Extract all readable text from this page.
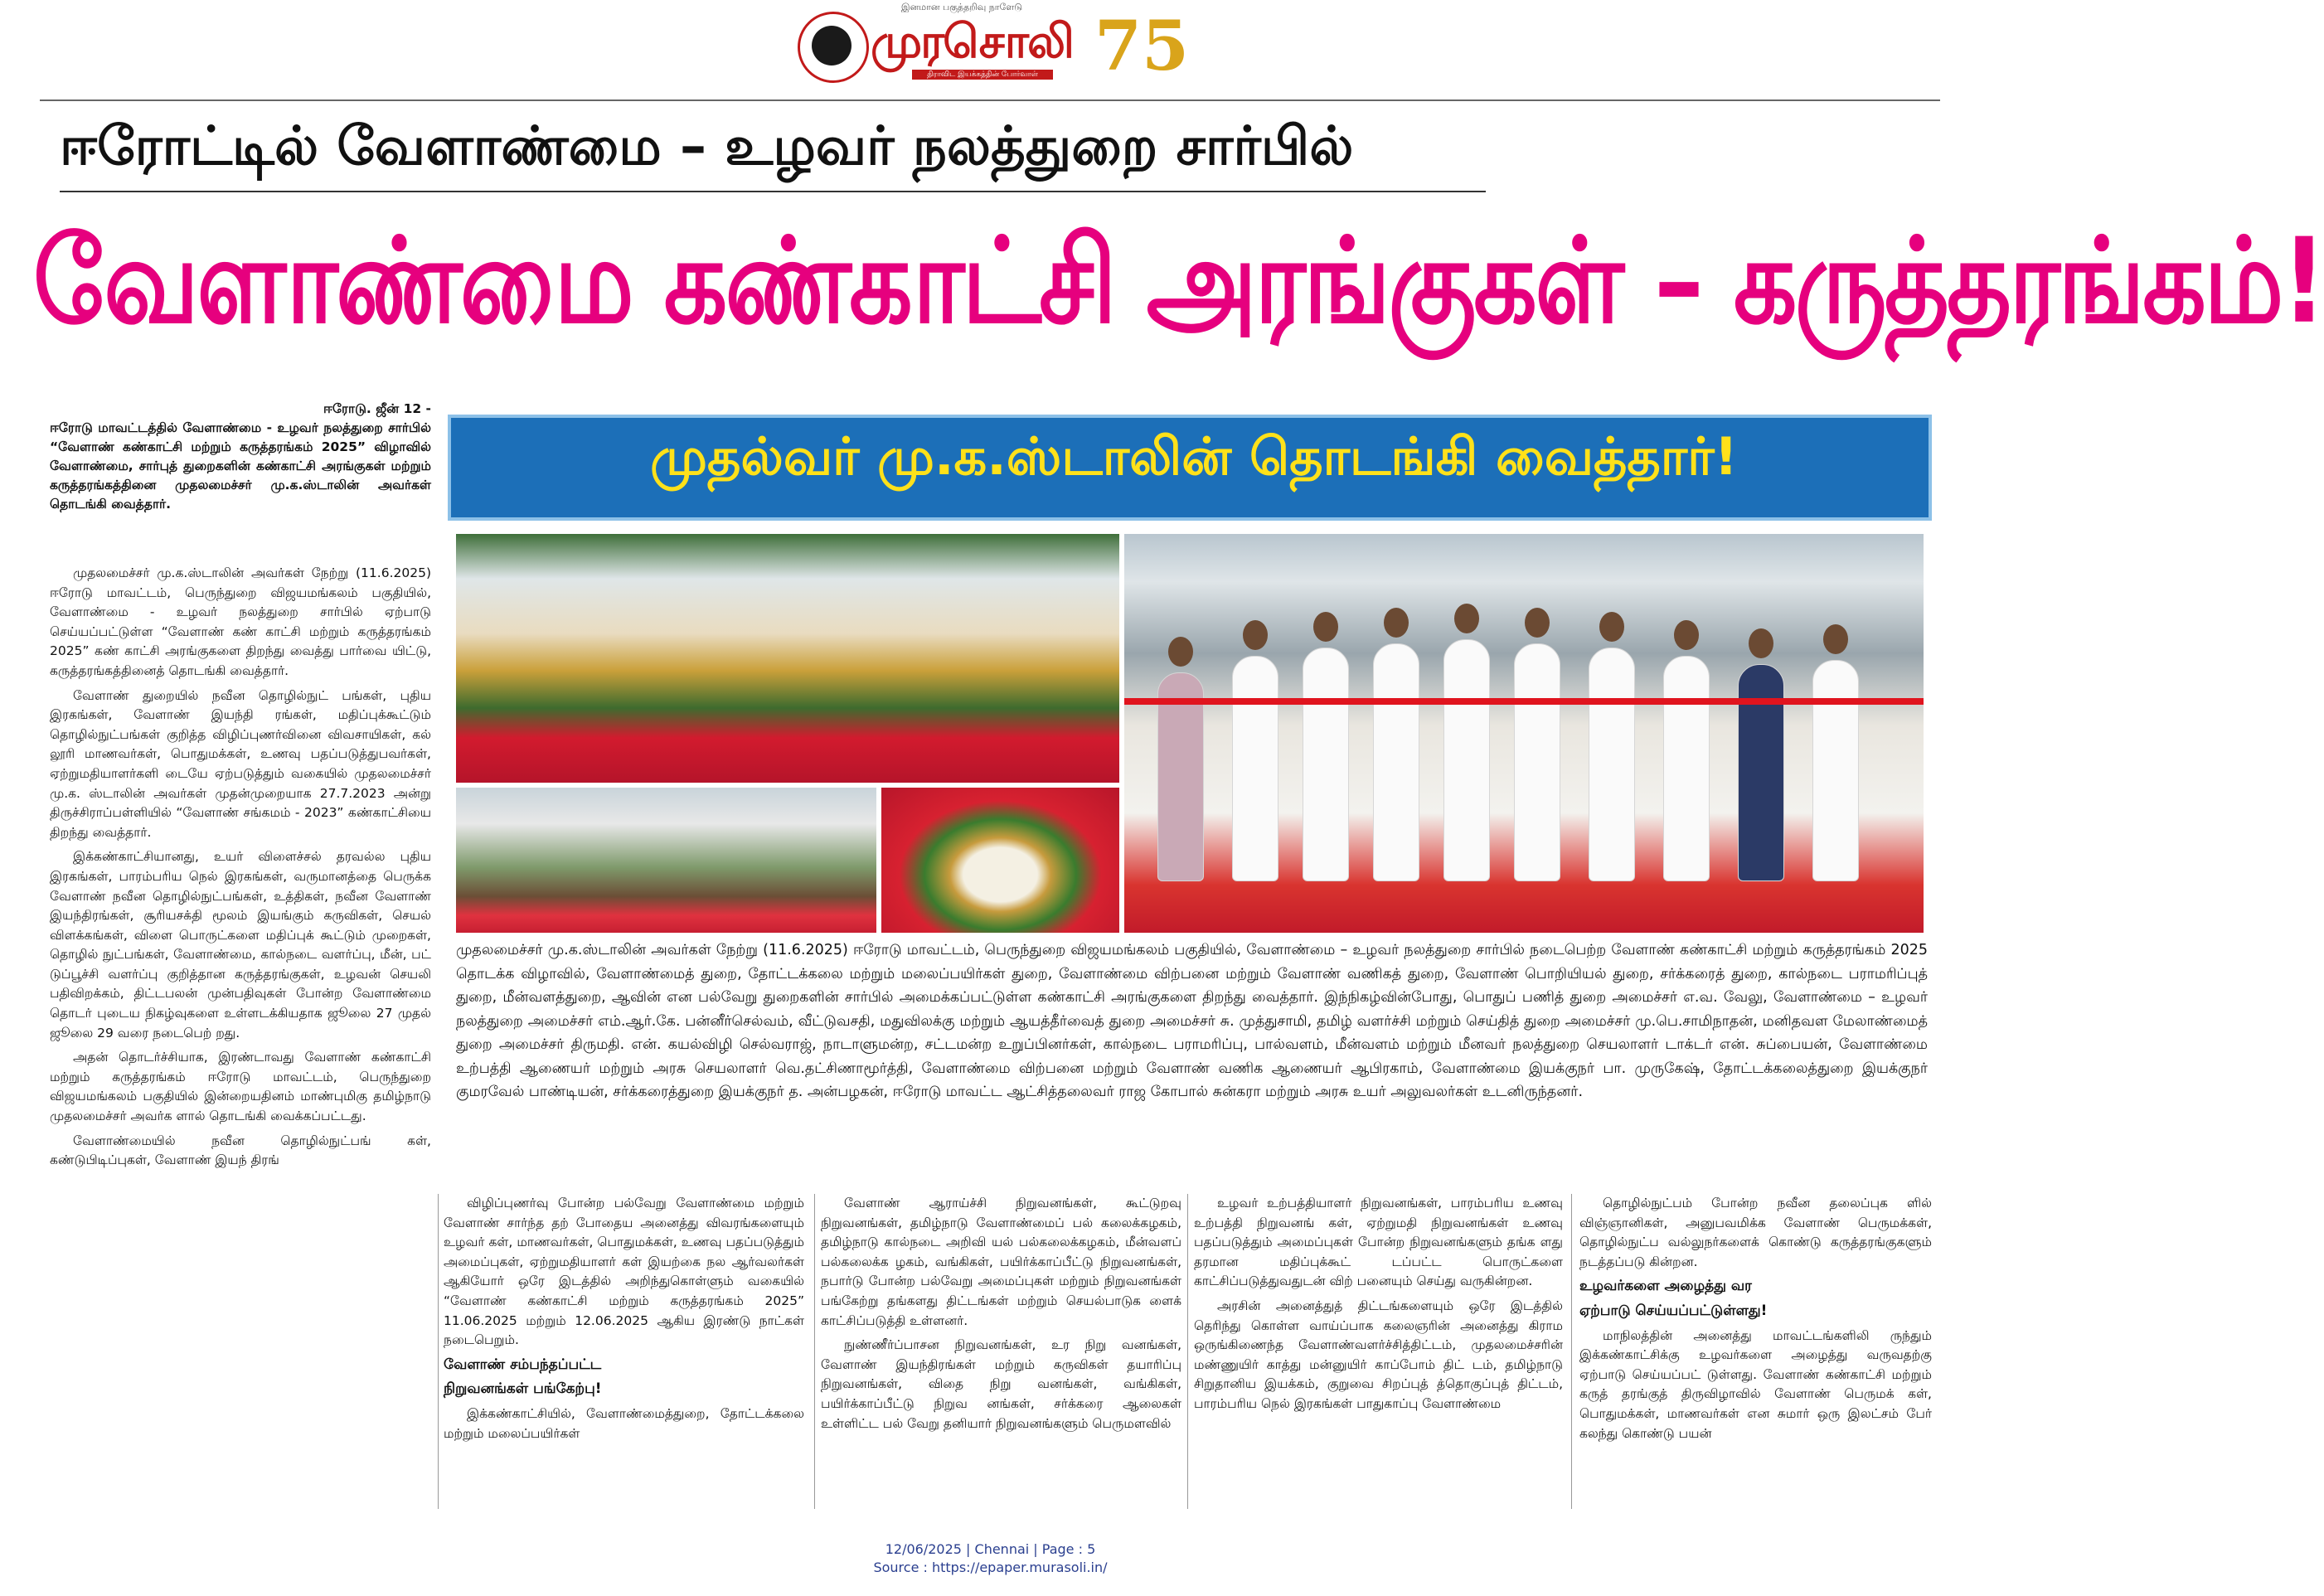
இனமான பகுத்தறிவு நாளேடு
முரசொலி 75
திராவிட இயக்கத்தின் போர்வாள்
ஈரோட்டில் வேளாண்மை – உழவர் நலத்துறை சார்பில்
வேளாண்மை கண்காட்சி அரங்குகள் – கருத்தரங்கம்!
ஈரோடு. ஜீன் 12 -
ஈரோடு மாவட்டத்தில் வேளாண்மை - உழவர் நலத்துறை சார்பில் “வேளாண் கண்காட்சி மற்றும் கருத்தரங்கம் 2025” விழாவில் வேளாண்மை, சார்புத் துறைகளின் கண்காட்சி அரங்குகள் மற்றும் கருத்தரங்கத்தினை முதலமைச்சர் மு.க.ஸ்டாலின் அவர்கள் தொடங்கி வைத்தார்.

முதலமைச்சர் மு.க.ஸ்டாலின் அவர்கள் நேற்று (11.6.2025) ஈரோடு மாவட்டம், பெருந்துறை விஜயமங்கலம் பகுதியில், வேளாண்மை - உழவர் நலத்துறை சார்பில் ஏற்பாடு செய்யப்பட்டுள்ள “வேளாண் கண் காட்சி மற்றும் கருத்தரங்கம் 2025” கண் காட்சி அரங்குகளை திறந்து வைத்து பார்வை யிட்டு, கருத்தரங்கத்தினைத் தொடங்கி வைத்தார்.

வேளாண் துறையில் நவீன தொழில்நுட் பங்கள், புதிய இரகங்கள், வேளாண் இயந்தி ரங்கள், மதிப்புக்கூட்டும் தொழில்நுட்பங்கள் குறித்த விழிப்புணர்வினை விவசாயிகள், கல் லூரி மாணவர்கள், பொதுமக்கள், உணவு பதப்படுத்துபவர்கள், ஏற்றுமதியாளர்களி டையே ஏற்படுத்தும் வகையில் முதலமைச்சர் மு.க. ஸ்டாலின் அவர்கள் முதன்முறையாக 27.7.2023 அன்று திருச்சிராப்பள்ளியில் “வேளாண் சங்கமம் - 2023” கண்காட்சியை திறந்து வைத்தார்.

இக்கண்காட்சியானது, உயர் விளைச்சல் தரவல்ல புதிய இரகங்கள், பாரம்பரிய நெல் இரகங்கள், வருமானத்தை பெருக்க வேளாண் நவீன தொழில்நுட்பங்கள், உத்திகள், நவீன வேளாண் இயந்திரங்கள், சூரியசக்தி மூலம் இயங்கும் கருவிகள், செயல் விளக்கங்கள், விளை பொருட்களை மதிப்புக் கூட்டும் முறைகள், தொழில் நுட்பங்கள், வேளாண்மை, கால்நடை வளர்ப்பு, மீன், பட் டுப்பூச்சி வளர்ப்பு குறித்தான கருத்தரங்குகள், உழவன் செயலி பதிவிறக்கம், திட்டபலன் முன்பதிவுகள் போன்ற வேளாண்மை தொடர் புடைய நிகழ்வுகளை உள்ளடக்கியதாக ஜூலை 27 முதல் ஜூலை 29 வரை நடைபெற் றது.

அதன் தொடர்ச்சியாக, இரண்டாவது வேளாண் கண்காட்சி மற்றும் கருத்தரங்கம் ஈரோடு மாவட்டம், பெருந்துறை விஜயமங்கலம் பகுதியில் இன்றையதினம் மாண்புமிகு தமிழ்நாடு முதலமைச்சர் அவர்க ளால் தொடங்கி வைக்கப்பட்டது.

வேளாண்மையில் நவீன தொழில்நுட்பங் கள், கண்டுபிடிப்புகள், வேளாண் இயந் திரங்

முதல்வர் மு.க.ஸ்டாலின் தொடங்கி வைத்தார்!
முதலமைச்சர் மு.க.ஸ்டாலின் அவர்கள் நேற்று (11.6.2025) ஈரோடு மாவட்டம், பெருந்துறை விஜயமங்கலம் பகுதியில், வேளாண்மை – உழவர் நலத்துறை சார்பில் நடைபெற்ற வேளாண் கண்காட்சி மற்றும் கருத்தரங்கம் 2025 தொடக்க விழாவில், வேளாண்மைத் துறை, தோட்டக்கலை மற்றும் மலைப்பயிர்கள் துறை, வேளாண்மை விற்பனை மற்றும் வேளாண் வணிகத் துறை, வேளாண் பொறியியல் துறை, சர்க்கரைத் துறை, கால்நடை பராமரிப்புத் துறை, மீன்வளத்துறை, ஆவின் என பல்வேறு துறைகளின் சார்பில் அமைக்கப்பட்டுள்ள கண்காட்சி அரங்குகளை திறந்து வைத்தார். இந்நிகழ்வின்போது, பொதுப் பணித் துறை அமைச்சர் எ.வ. வேலு, வேளாண்மை – உழவர் நலத்துறை அமைச்சர் எம்.ஆர்.கே. பன்னீர்செல்வம், வீட்டுவசதி, மதுவிலக்கு மற்றும் ஆயத்தீர்வைத் துறை அமைச்சர் சு. முத்துசாமி, தமிழ் வளர்ச்சி மற்றும் செய்தித் துறை அமைச்சர் மு.பெ.சாமிநாதன், மனிதவள மேலாண்மைத் துறை அமைச்சர் திருமதி. என். கயல்விழி செல்வராஜ், நாடாளுமன்ற, சட்டமன்ற உறுப்பினர்கள், கால்நடை பராமரிப்பு, பால்வளம், மீன்வளம் மற்றும் மீனவர் நலத்துறை செயலாளர் டாக்டர் என். சுப்பையன், வேளாண்மை உற்பத்தி ஆணையர் மற்றும் அரசு செயலாளர் வெ.தட்சிணாமூர்த்தி, வேளாண்மை விற்பனை மற்றும் வேளாண் வணிக ஆணையர் ஆபிரகாம், வேளாண்மை இயக்குநர் பா. முருகேஷ், தோட்டக்கலைத்துறை இயக்குநர் குமரவேல் பாண்டியன், சர்க்கரைத்துறை இயக்குநர் த. அன்பழகன், ஈரோடு மாவட்ட ஆட்சித்தலைவர் ராஜ கோபால் சுன்கரா மற்றும் அரசு உயர் அலுவலர்கள் உடனிருந்தனர்.

விழிப்புணர்வு போன்ற பல்வேறு வேளாண்மை மற்றும் வேளாண் சார்ந்த தற் போதைய அனைத்து விவரங்களையும் உழவர் கள், மாணவர்கள், பொதுமக்கள், உணவு பதப்படுத்தும் அமைப்புகள், ஏற்றுமதியாளர் கள் இயற்கை நல ஆர்வலர்கள் ஆகியோர் ஒரே இடத்தில் அறிந்துகொள்ளும் வகையில் “வேளாண் கண்காட்சி மற்றும் கருத்தரங்கம் 2025” 11.06.2025 மற்றும் 12.06.2025 ஆகிய இரண்டு நாட்கள் நடைபெறும்.

வேளாண் சம்பந்தப்பட்ட

நிறுவனங்கள் பங்கேற்பு!

இக்கண்காட்சியில், வேளாண்மைத்துறை, தோட்டக்கலை மற்றும் மலைப்பயிர்கள்

வேளாண் ஆராய்ச்சி நிறுவனங்கள், கூட்டுறவு நிறுவனங்கள், தமிழ்நாடு வேளாண்மைப் பல் கலைக்கழகம், தமிழ்நாடு கால்நடை அறிவி யல் பல்கலைக்கழகம், மீன்வளப் பல்கலைக்க ழகம், வங்கிகள், பயிர்க்காப்பீட்டு நிறுவனங்கள், நபார்டு போன்ற பல்வேறு அமைப்புகள் மற்றும் நிறுவனங்கள் பங்கேற்று தங்களது திட்டங்கள் மற்றும் செயல்பாடுக ளைக் காட்சிப்படுத்தி உள்ளனர்.

நுண்ணீர்ப்பாசன நிறுவனங்கள், உர நிறு வனங்கள், வேளாண் இயந்திரங்கள் மற்றும் கருவிகள் தயாரிப்பு நிறுவனங்கள், விதை நிறு வனங்கள், வங்கிகள், பயிர்க்காப்பீட்டு நிறுவ னங்கள், சர்க்கரை ஆலைகள் உள்ளிட்ட பல் வேறு தனியார் நிறுவனங்களும் பெருமளவில்

உழவர் உற்பத்தியாளர் நிறுவனங்கள், பாரம்பரிய உணவு உற்பத்தி நிறுவனங் கள், ஏற்றுமதி நிறுவனங்கள் உணவு பதப்படுத்தும் அமைப்புகள் போன்ற நிறுவனங்களும் தங்க ளது தரமான மதிப்புக்கூட் டப்பட்ட பொருட்களை காட்சிப்படுத்துவதுடன் விற் பனையும் செய்து வருகின்றன.

அரசின் அனைத்துத் திட்டங்களையும் ஒரே இடத்தில் தெரிந்து கொள்ள வாய்ப்பாக கலைஞரின் அனைத்து கிராம ஒருங்கிணைந்த வேளாண்வளர்ச்சித்திட்டம், முதலமைச்சரின் மண்ணுயிர் காத்து மன்னுயிர் காப்போம் திட் டம், தமிழ்நாடு சிறுதானிய இயக்கம், குறுவை சிறப்புத் த்தொகுப்புத் திட்டம், பாரம்பரிய நெல் இரகங்கள் பாதுகாப்பு வேளாண்மை

தொழில்நுட்பம் போன்ற நவீன தலைப்புக ளில் விஞ்ஞானிகள், அனுபவமிக்க வேளாண் பெருமக்கள், தொழில்நுட்ப வல்லுநர்களைக் கொண்டு கருத்தரங்குகளும் நடத்தப்படு கின்றன.

உழவர்களை அழைத்து வர

ஏற்பாடு செய்யப்பட்டுள்ளது!

மாநிலத்தின் அனைத்து மாவட்டங்களிலி ருந்தும் இக்கண்காட்சிக்கு உழவர்களை அழைத்து வருவதற்கு ஏற்பாடு செய்யப்பட் டுள்ளது. வேளாண் கண்காட்சி மற்றும் கருத் தரங்குத் திருவிழாவில் வேளாண் பெருமக் கள், பொதுமக்கள், மாணவர்கள் என சுமார் ஒரு இலட்சம் பேர் கலந்து கொண்டு பயன்

12/06/2025 | Chennai | Page : 5
Source : https://epaper.murasoli.in/
